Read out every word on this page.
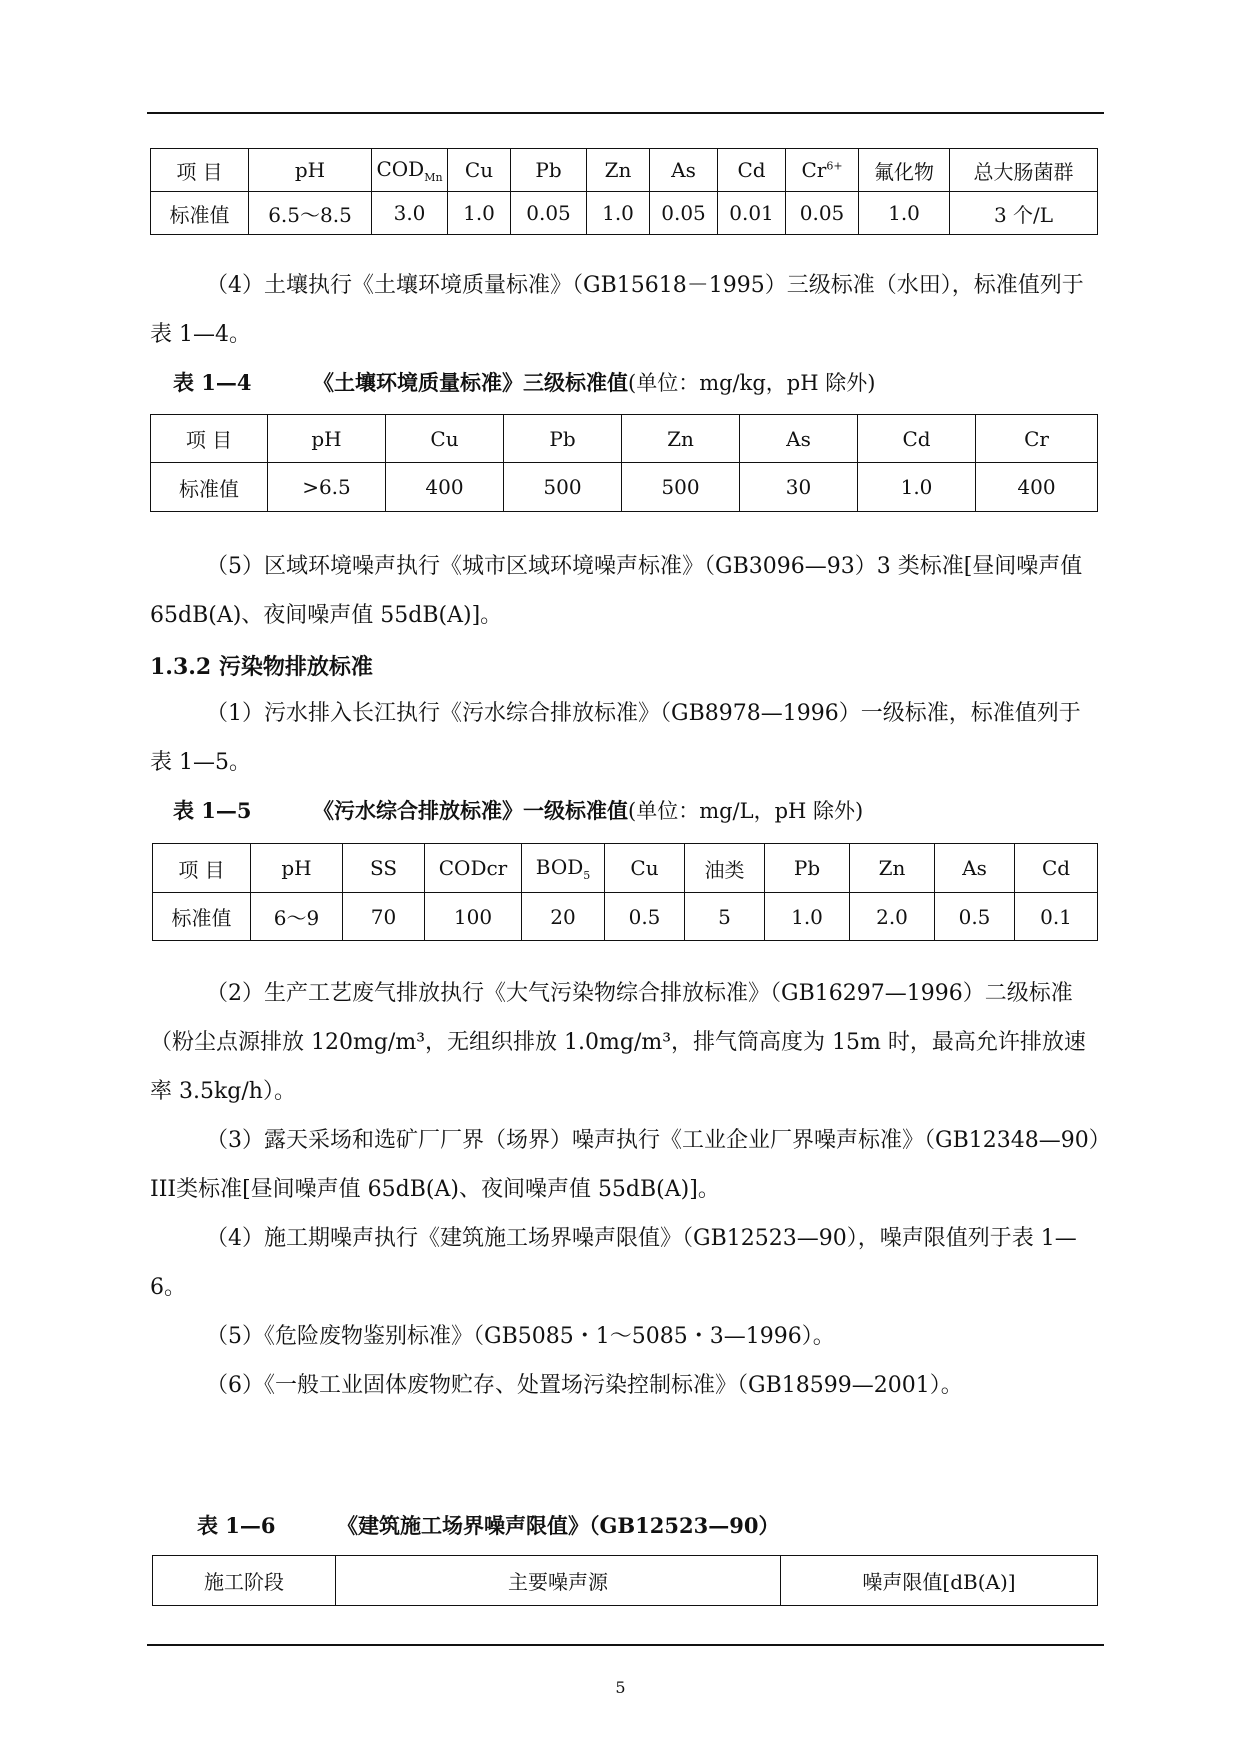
项 目	pH	$COD_{Mn}$	Cu	Pb	Zn	As	Cd	$Cr^{6+}$	氟化物	总大肠菌群
标准值	6.5～8.5	3.0	1.0	0.05	1.0	0.05	0.01	0.05	1.0	3 个/L
（4）土壤执行《土壤环境质量标准》（GB15618－1995）三级标准（水田），标准值列于表 1—4。
表 1—4	《土壤环境质量标准》三级标准值(单位：mg/kg，pH 除外)
项 目	pH	Cu	Pb	Zn	As	Cd	Cr
标准值	>6.5	400	500	500	30	1.0	400
（5）区域环境噪声执行《城市区域环境噪声标准》（GB3096—93）3 类标准[昼间噪声值 65dB(A)、夜间噪声值 55dB(A)]。
1.3.2 污染物排放标准
（1）污水排入长江执行《污水综合排放标准》（GB8978—1996）一级标准，标准值列于表 1—5。
表 1—5	《污水综合排放标准》一级标准值(单位：mg/L，pH 除外)
项 目	pH	SS	CODcr	$BOD_5$	Cu	油类	Pb	Zn	As	Cd
标准值	6～9	70	100	20	0.5	5	1.0	2.0	0.5	0.1
（2）生产工艺废气排放执行《大气污染物综合排放标准》（GB16297—1996）二级标准（粉尘点源排放 120mg/m³，无组织排放 1.0mg/m³，排气筒高度为 15m 时，最高允许排放速率 3.5kg/h）。
（3）露天采场和选矿厂厂界（场界）噪声执行《工业企业厂界噪声标准》（GB12348—90）III类标准[昼间噪声值 65dB(A)、夜间噪声值 55dB(A)]。
（4）施工期噪声执行《建筑施工场界噪声限值》（GB12523—90），噪声限值列于表 1—6。
（5）《危险废物鉴别标准》（GB5085・1～5085・3—1996）。
（6）《一般工业固体废物贮存、处置场污染控制标准》（GB18599—2001）。
表 1—6	《建筑施工场界噪声限值》（GB12523—90）
施工阶段	主要噪声源	噪声限值[dB(A)]
5
